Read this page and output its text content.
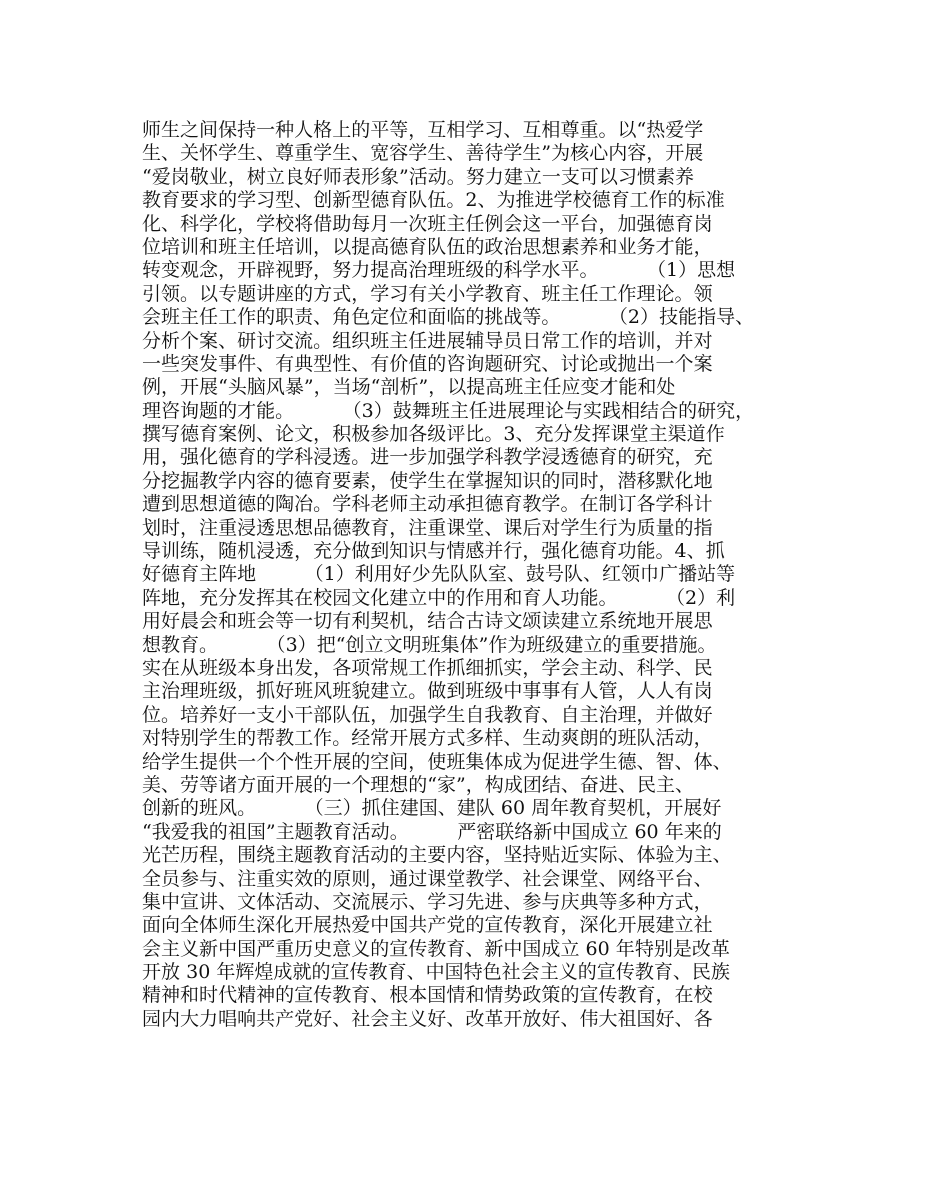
师生之间保持一种人格上的平等，互相学习、互相尊重。以“热爱学
生、关怀学生、尊重学生、宽容学生、善待学生”为核心内容，开展
“爱岗敬业，树立良好师表形象”活动。努力建立一支可以习惯素养
教育要求的学习型、创新型德育队伍。2、为推进学校德育工作的标准
化、科学化，学校将借助每月一次班主任例会这一平台，加强德育岗
位培训和班主任培训，以提高德育队伍的政治思想素养和业务才能，
转变观念，开辟视野，努力提高治理班级的科学水平。        （1）思想
引领。以专题讲座的方式，学习有关小学教育、班主任工作理论。领
会班主任工作的职责、角色定位和面临的挑战等。        （2）技能指导、
分析个案、研讨交流。组织班主任进展辅导员日常工作的培训，并对
一些突发事件、有典型性、有价值的咨询题研究、讨论或抛出一个案
例，开展“头脑风暴”，当场“剖析”，以提高班主任应变才能和处
理咨询题的才能。        （3）鼓舞班主任进展理论与实践相结合的研究，
撰写德育案例、论文，积极参加各级评比。3、充分发挥课堂主渠道作
用，强化德育的学科浸透。进一步加强学科教学浸透德育的研究，充
分挖掘教学内容的德育要素，使学生在掌握知识的同时，潜移默化地
遭到思想道德的陶冶。学科老师主动承担德育教学。在制订各学科计
划时，注重浸透思想品德教育，注重课堂、课后对学生行为质量的指
导训练，随机浸透，充分做到知识与情感并行，强化德育功能。4、抓
好德育主阵地        （1）利用好少先队队室、鼓号队、红领巾广播站等
阵地，充分发挥其在校园文化建立中的作用和育人功能。        （2）利
用好晨会和班会等一切有利契机，结合古诗文颂读建立系统地开展思
想教育。        （3）把“创立文明班集体”作为班级建立的重要措施。
实在从班级本身出发，各项常规工作抓细抓实，学会主动、科学、民
主治理班级，抓好班风班貌建立。做到班级中事事有人管，人人有岗
位。培养好一支小干部队伍，加强学生自我教育、自主治理，并做好
对特别学生的帮教工作。经常开展方式多样、生动爽朗的班队活动，
给学生提供一个个性开展的空间，使班集体成为促进学生德、智、体、
美、劳等诸方面开展的一个理想的“家”，构成团结、奋进、民主、
创新的班风。        （三）抓住建国、建队 60 周年教育契机，开展好
“我爱我的祖国”主题教育活动。        严密联络新中国成立 60 年来的
光芒历程，围绕主题教育活动的主要内容，坚持贴近实际、体验为主、
全员参与、注重实效的原则，通过课堂教学、社会课堂、网络平台、
集中宣讲、文体活动、交流展示、学习先进、参与庆典等多种方式，
面向全体师生深化开展热爱中国共产党的宣传教育，深化开展建立社
会主义新中国严重历史意义的宣传教育、新中国成立 60 年特别是改革
开放 30 年辉煌成就的宣传教育、中国特色社会主义的宣传教育、民族
精神和时代精神的宣传教育、根本国情和情势政策的宣传教育，在校
园内大力唱响共产党好、社会主义好、改革开放好、伟大祖国好、各
